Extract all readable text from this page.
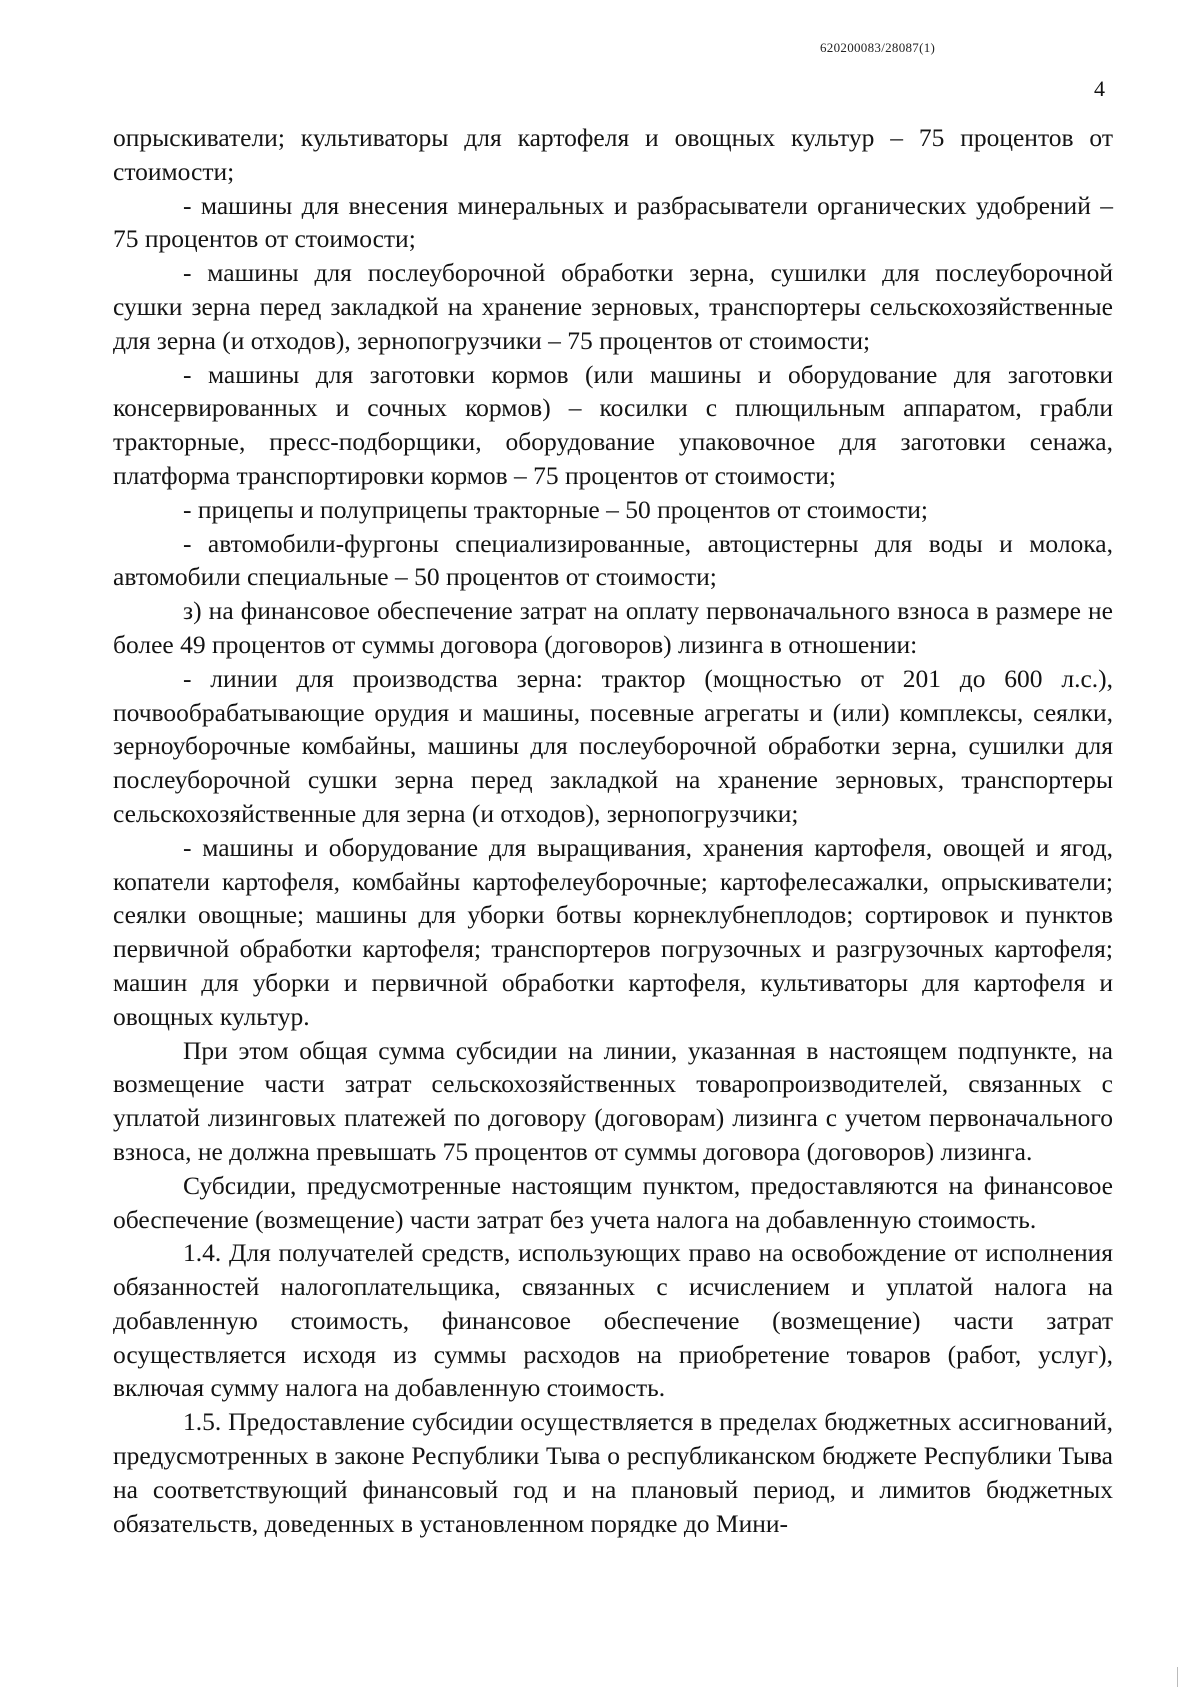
620200083/28087(1)
4

опрыскиватели; культиваторы для картофеля и овощных культур – 75 процентов от стоимости;

- машины для внесения минеральных и разбрасыватели органических удобрений – 75 процентов от стоимости;

- машины для послеуборочной обработки зерна, сушилки для послеуборочной сушки зерна перед закладкой на хранение зерновых, транспортеры сельскохозяйственные для зерна (и отходов), зернопогрузчики – 75 процентов от стоимости;

- машины для заготовки кормов (или машины и оборудование для заготовки консервированных и сочных кормов) – косилки с плющильным аппаратом, грабли тракторные, пресс-подборщики, оборудование упаковочное для заготовки сенажа, платформа транспортировки кормов – 75 процентов от стоимости;

- прицепы и полуприцепы тракторные – 50 процентов от стоимости;

- автомобили-фургоны специализированные, автоцистерны для воды и молока, автомобили специальные – 50 процентов от стоимости;

з) на финансовое обеспечение затрат на оплату первоначального взноса в размере не более 49 процентов от суммы договора (договоров) лизинга в отношении:

- линии для производства зерна: трактор (мощностью от 201 до 600 л.с.), почвообрабатывающие орудия и машины, посевные агрегаты и (или) комплексы, сеялки, зерноуборочные комбайны, машины для послеуборочной обработки зерна, сушилки для послеуборочной сушки зерна перед закладкой на хранение зерновых, транспортеры сельскохозяйственные для зерна (и отходов), зернопогрузчики;

- машины и оборудование для выращивания, хранения картофеля, овощей и ягод, копатели картофеля, комбайны картофелеуборочные; картофелесажалки, опрыскиватели; сеялки овощные; машины для уборки ботвы корнеклубнеплодов; сортировок и пунктов первичной обработки картофеля; транспортеров погрузочных и разгрузочных картофеля; машин для уборки и первичной обработки картофеля, культиваторы для картофеля и овощных культур.

При этом общая сумма субсидии на линии, указанная в настоящем подпункте, на возмещение части затрат сельскохозяйственных товаропроизводителей, связанных с уплатой лизинговых платежей по договору (договорам) лизинга с учетом первоначального взноса, не должна превышать 75 процентов от суммы договора (договоров) лизинга.

Субсидии, предусмотренные настоящим пунктом, предоставляются на финансовое обеспечение (возмещение) части затрат без учета налога на добавленную стоимость.

1.4. Для получателей средств, использующих право на освобождение от исполнения обязанностей налогоплательщика, связанных с исчислением и уплатой налога на добавленную стоимость, финансовое обеспечение (возмещение) части затрат осуществляется исходя из суммы расходов на приобретение товаров (работ, услуг), включая сумму налога на добавленную стоимость.

1.5. Предоставление субсидии осуществляется в пределах бюджетных ассигнований, предусмотренных в законе Республики Тыва о республиканском бюджете Республики Тыва на соответствующий финансовый год и на плановый период, и лимитов бюджетных обязательств, доведенных в установленном порядке до Мини-
